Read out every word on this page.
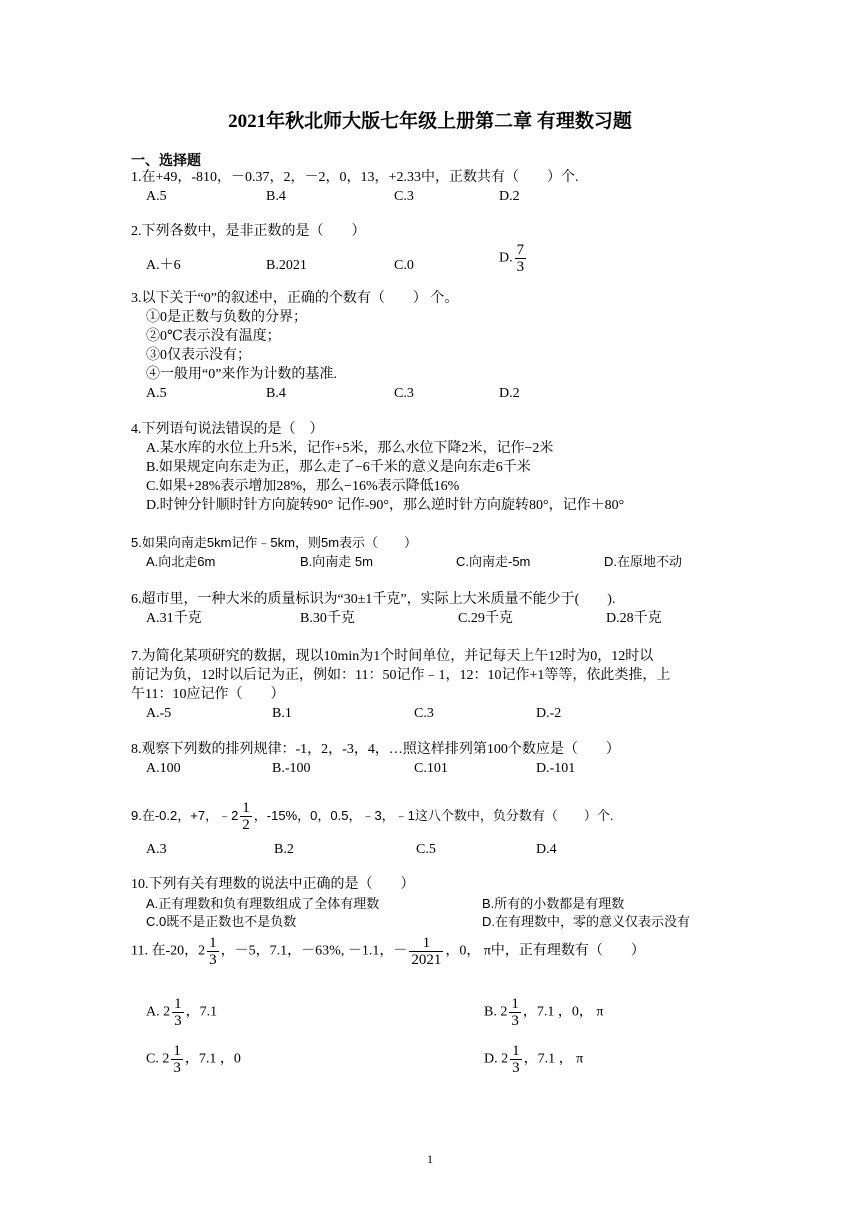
2021年秋北师大版七年级上册第二章 有理数习题
一、选择题
1.在+49，-810，－0.37，2，－2，0，13，+2.33中，正数共有（　　）个.
A.5	B.4	C.3	D.2
2.下列各数中，是非正数的是（　　）
A.＋6	B.2021	C.0	D. $\frac{7}{3}$
3.以下关于“0”的叙述中，正确的个数有（　　） 个。
①0是正数与负数的分界；
②0℃表示没有温度；
③0仅表示没有；
④一般用“0”来作为计数的基准.
A.5	B.4	C.3	D.2
4.下列语句说法错误的是（　）
A.某水库的水位上升5米，记作+5米，那么水位下降2米，记作−2米
B.如果规定向东走为正，那么走了−6千米的意义是向东走6千米
C.如果+28%表示增加28%，那么−16%表示降低16%
D.时钟分针顺时针方向旋转90° 记作-90°，那么逆时针方向旋转80°，记作＋80°
5.如果向南走5km记作﹣5km，则5m表示（　　）
A.向北走6m	B.向南走 5m	C.向南走-5m	D.在原地不动
6.超市里，一种大米的质量标识为“30±1千克”，实际上大米质量不能少于(　　).
A.31千克	B.30千克	C.29千克	D.28千克
7.为简化某项研究的数据，现以10min为1个时间单位，并记每天上午12时为0，12时以
前记为负，12时以后记为正，例如：11：50记作﹣1，12：10记作+1等等，依此类推，上
午11：10应记作（　　）
A.-5	B.1	C.3	D.-2
8.观察下列数的排列规律：-1，2，-3，4，…照这样排列第100个数应是（　　）
A.100	B.-100	C.101	D.-101
9.在-0.2，+7，﹣2 $\frac{1}{2}$ ，-15%，0，0.5，﹣3，﹣1这八个数中，负分数有（　　）个.
A.3	B.2	C.5	D.4
10.下列有关有理数的说法中正确的是（　　）
A.正有理数和负有理数组成了全体有理数	B.所有的小数都是有理数
C.0既不是正数也不是负数	D.在有理数中，零的意义仅表示没有
11. 在-20，$2 \frac{1}{3}$ ，－5，7.1，－63%, －1.1，－ $\frac{1}{2021}$ ，0， π中，正有理数有（　　）
A. $2 \frac{1}{3}$ ，7.1	B. $2 \frac{1}{3}$ ，7.1 ，0， π
C. $2 \frac{1}{3}$ ，7.1 ，0	D. $2 \frac{1}{3}$ ，7.1 ， π
1
